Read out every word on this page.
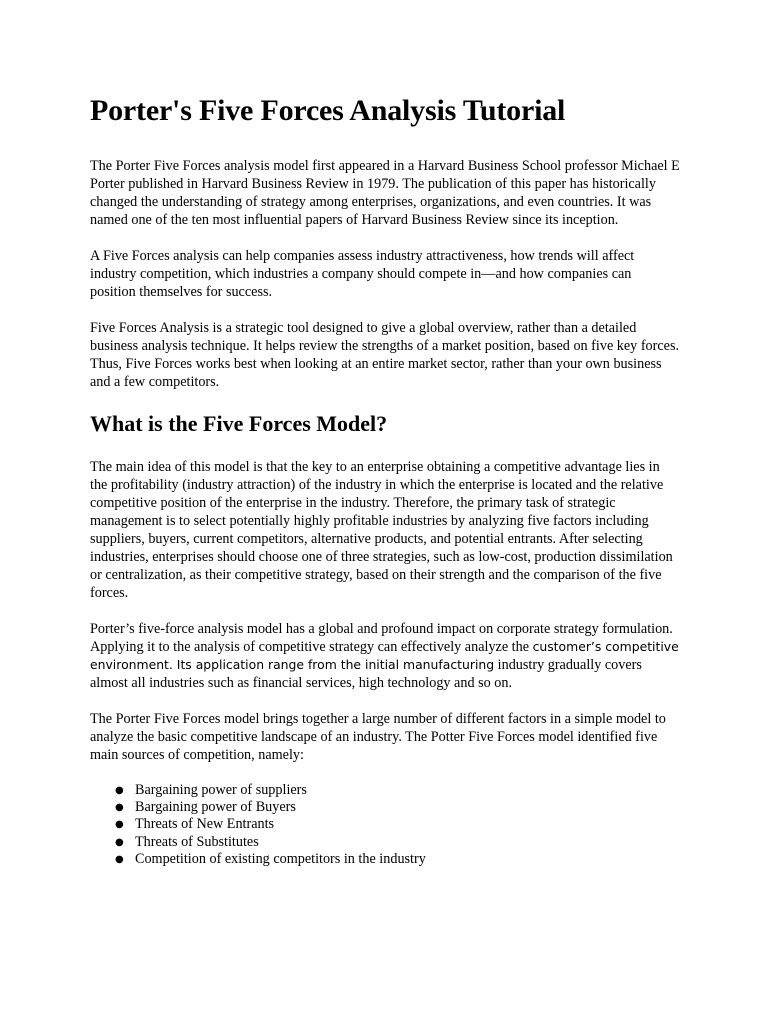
Porter's Five Forces Analysis Tutorial

The Porter Five Forces analysis model first appeared in a Harvard Business School professor Michael E Porter published in Harvard Business Review in 1979. The publication of this paper has historically changed the understanding of strategy among enterprises, organizations, and even countries. It was named one of the ten most influential papers of Harvard Business Review since its inception.

A Five Forces analysis can help companies assess industry attractiveness, how trends will affect industry competition, which industries a company should compete in—and how companies can position themselves for success.

Five Forces Analysis is a strategic tool designed to give a global overview, rather than a detailed business analysis technique. It helps review the strengths of a market position, based on five key forces. Thus, Five Forces works best when looking at an entire market sector, rather than your own business and a few competitors.

What is the Five Forces Model?

The main idea of this model is that the key to an enterprise obtaining a competitive advantage lies in the profitability (industry attraction) of the industry in which the enterprise is located and the relative competitive position of the enterprise in the industry. Therefore, the primary task of strategic management is to select potentially highly profitable industries by analyzing five factors including suppliers, buyers, current competitors, alternative products, and potential entrants. After selecting industries, enterprises should choose one of three strategies, such as low-cost, production dissimilation or centralization, as their competitive strategy, based on their strength and the comparison of the five forces.

Porter’s five-force analysis model has a global and profound impact on corporate strategy formulation. Applying it to the analysis of competitive strategy can effectively analyze the customer’s competitive environment. Its application range from the initial manufacturing industry gradually covers almost all industries such as financial services, high technology and so on.

The Porter Five Forces model brings together a large number of different factors in a simple model to analyze the basic competitive landscape of an industry. The Potter Five Forces model identified five main sources of competition, namely:

● Bargaining power of suppliers
● Bargaining power of Buyers
● Threats of New Entrants
● Threats of Substitutes
● Competition of existing competitors in the industry
